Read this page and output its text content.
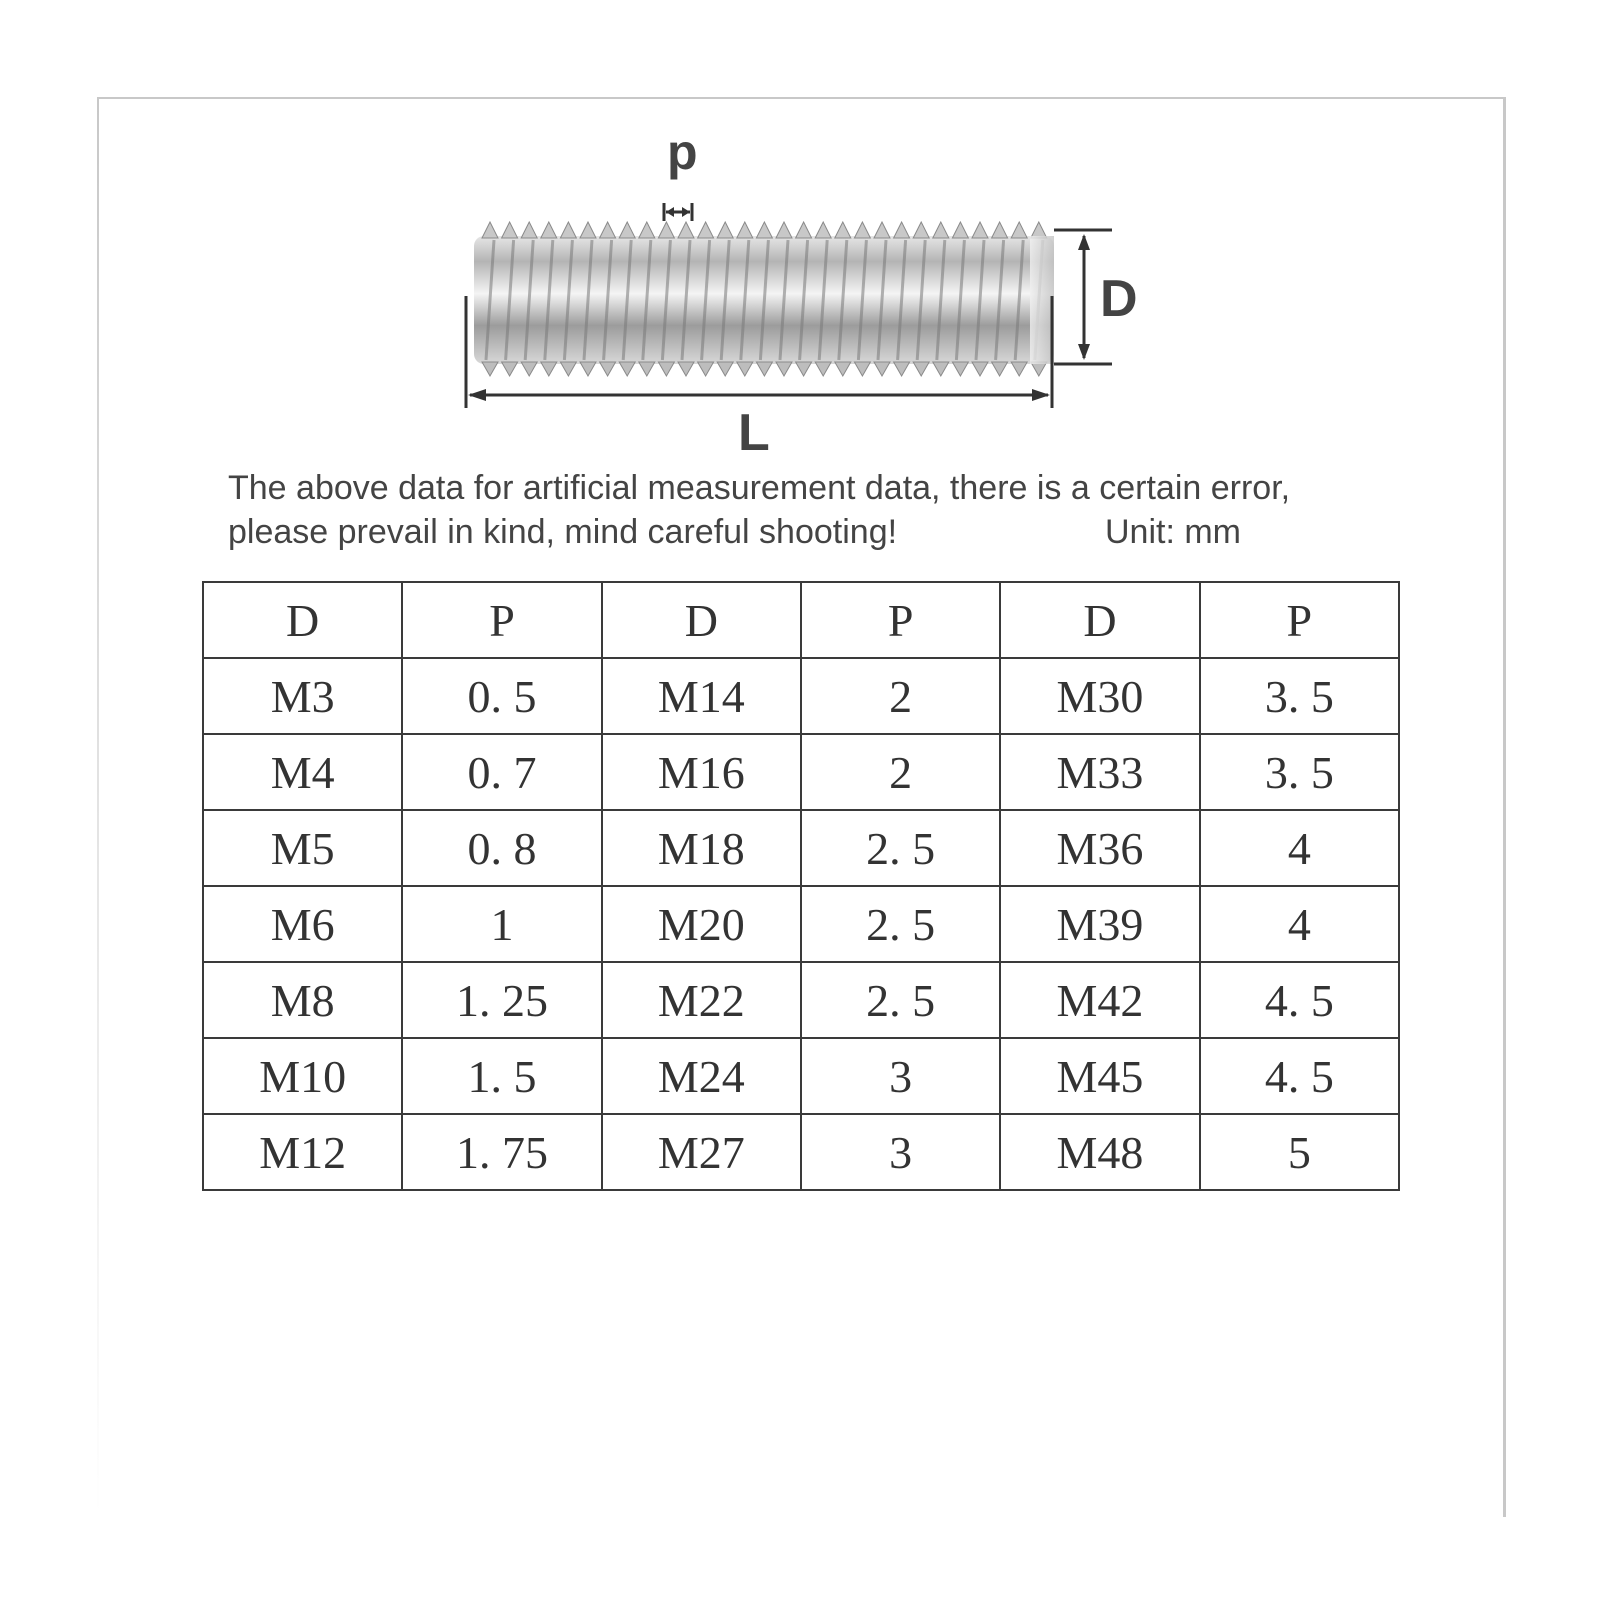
p
D
L
The above data for artificial measurement data, there is a certain error,
please prevail in kind, mind careful shooting!	Unit: mm
D	P	D	P	D	P
M3	0. 5	M14	2	M30	3. 5
M4	0. 7	M16	2	M33	3. 5
M5	0. 8	M18	2. 5	M36	4
M6	1	M20	2. 5	M39	4
M8	1. 25	M22	2. 5	M42	4. 5
M10	1. 5	M24	3	M45	4. 5
M12	1. 75	M27	3	M48	5
